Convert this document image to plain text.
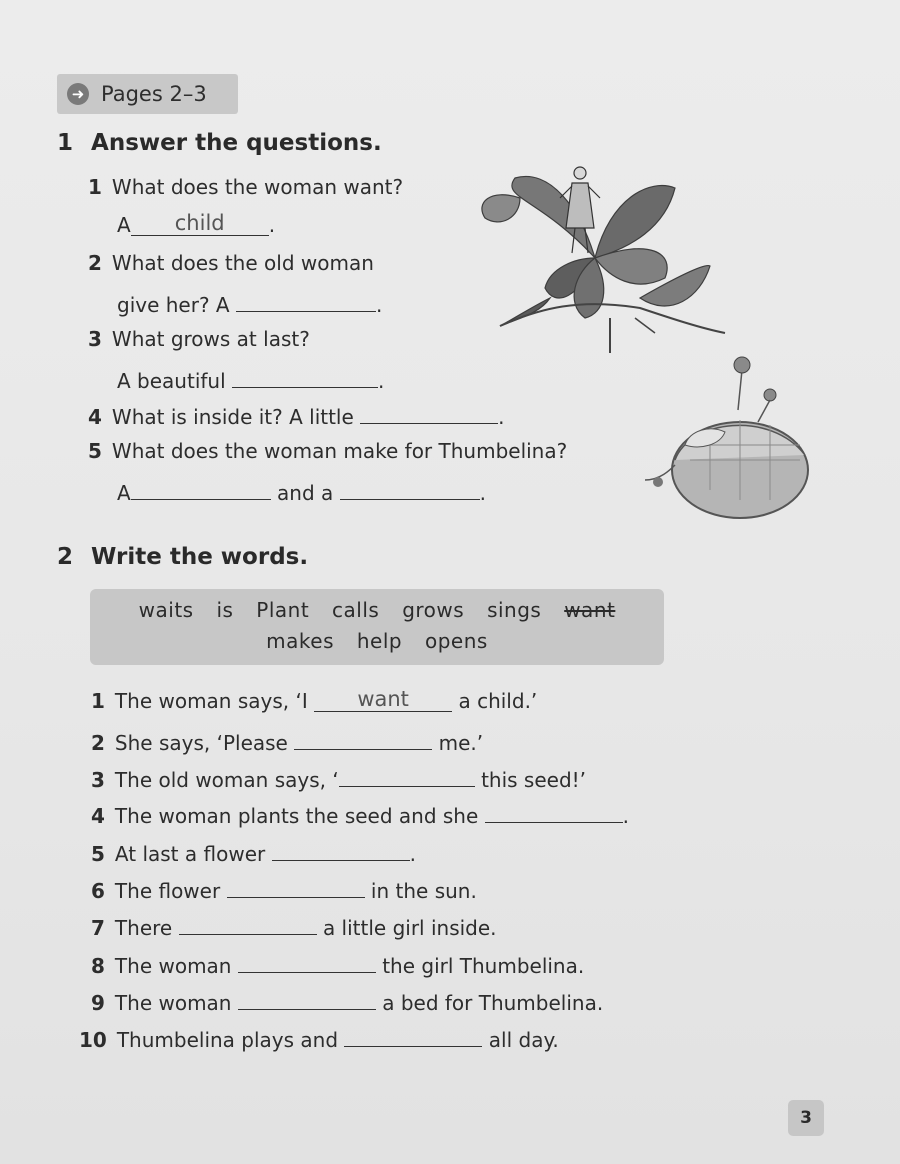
➜ Pages 2–3
1 Answer the questions.
1 What does the woman want?
A child .
2 What does the old woman
give her? A	.
3 What grows at last?
A beautiful	.
4 What is inside it? A little	.
5 What does the woman make for Thumbelina?
A	and a	.
2 Write the words.
waits is Plant calls grows sings want
makes help opens
1 The woman says, ‘I want a child.’
2 She says, ‘Please	me.’
3 The old woman says, ‘	this seed!’
4 The woman plants the seed and she	.
5 At last a flower	.
6 The flower	in the sun.
7 There	a little girl inside.
8 The woman	the girl Thumbelina.
9 The woman	a bed for Thumbelina.
10 Thumbelina plays and	all day.
3
